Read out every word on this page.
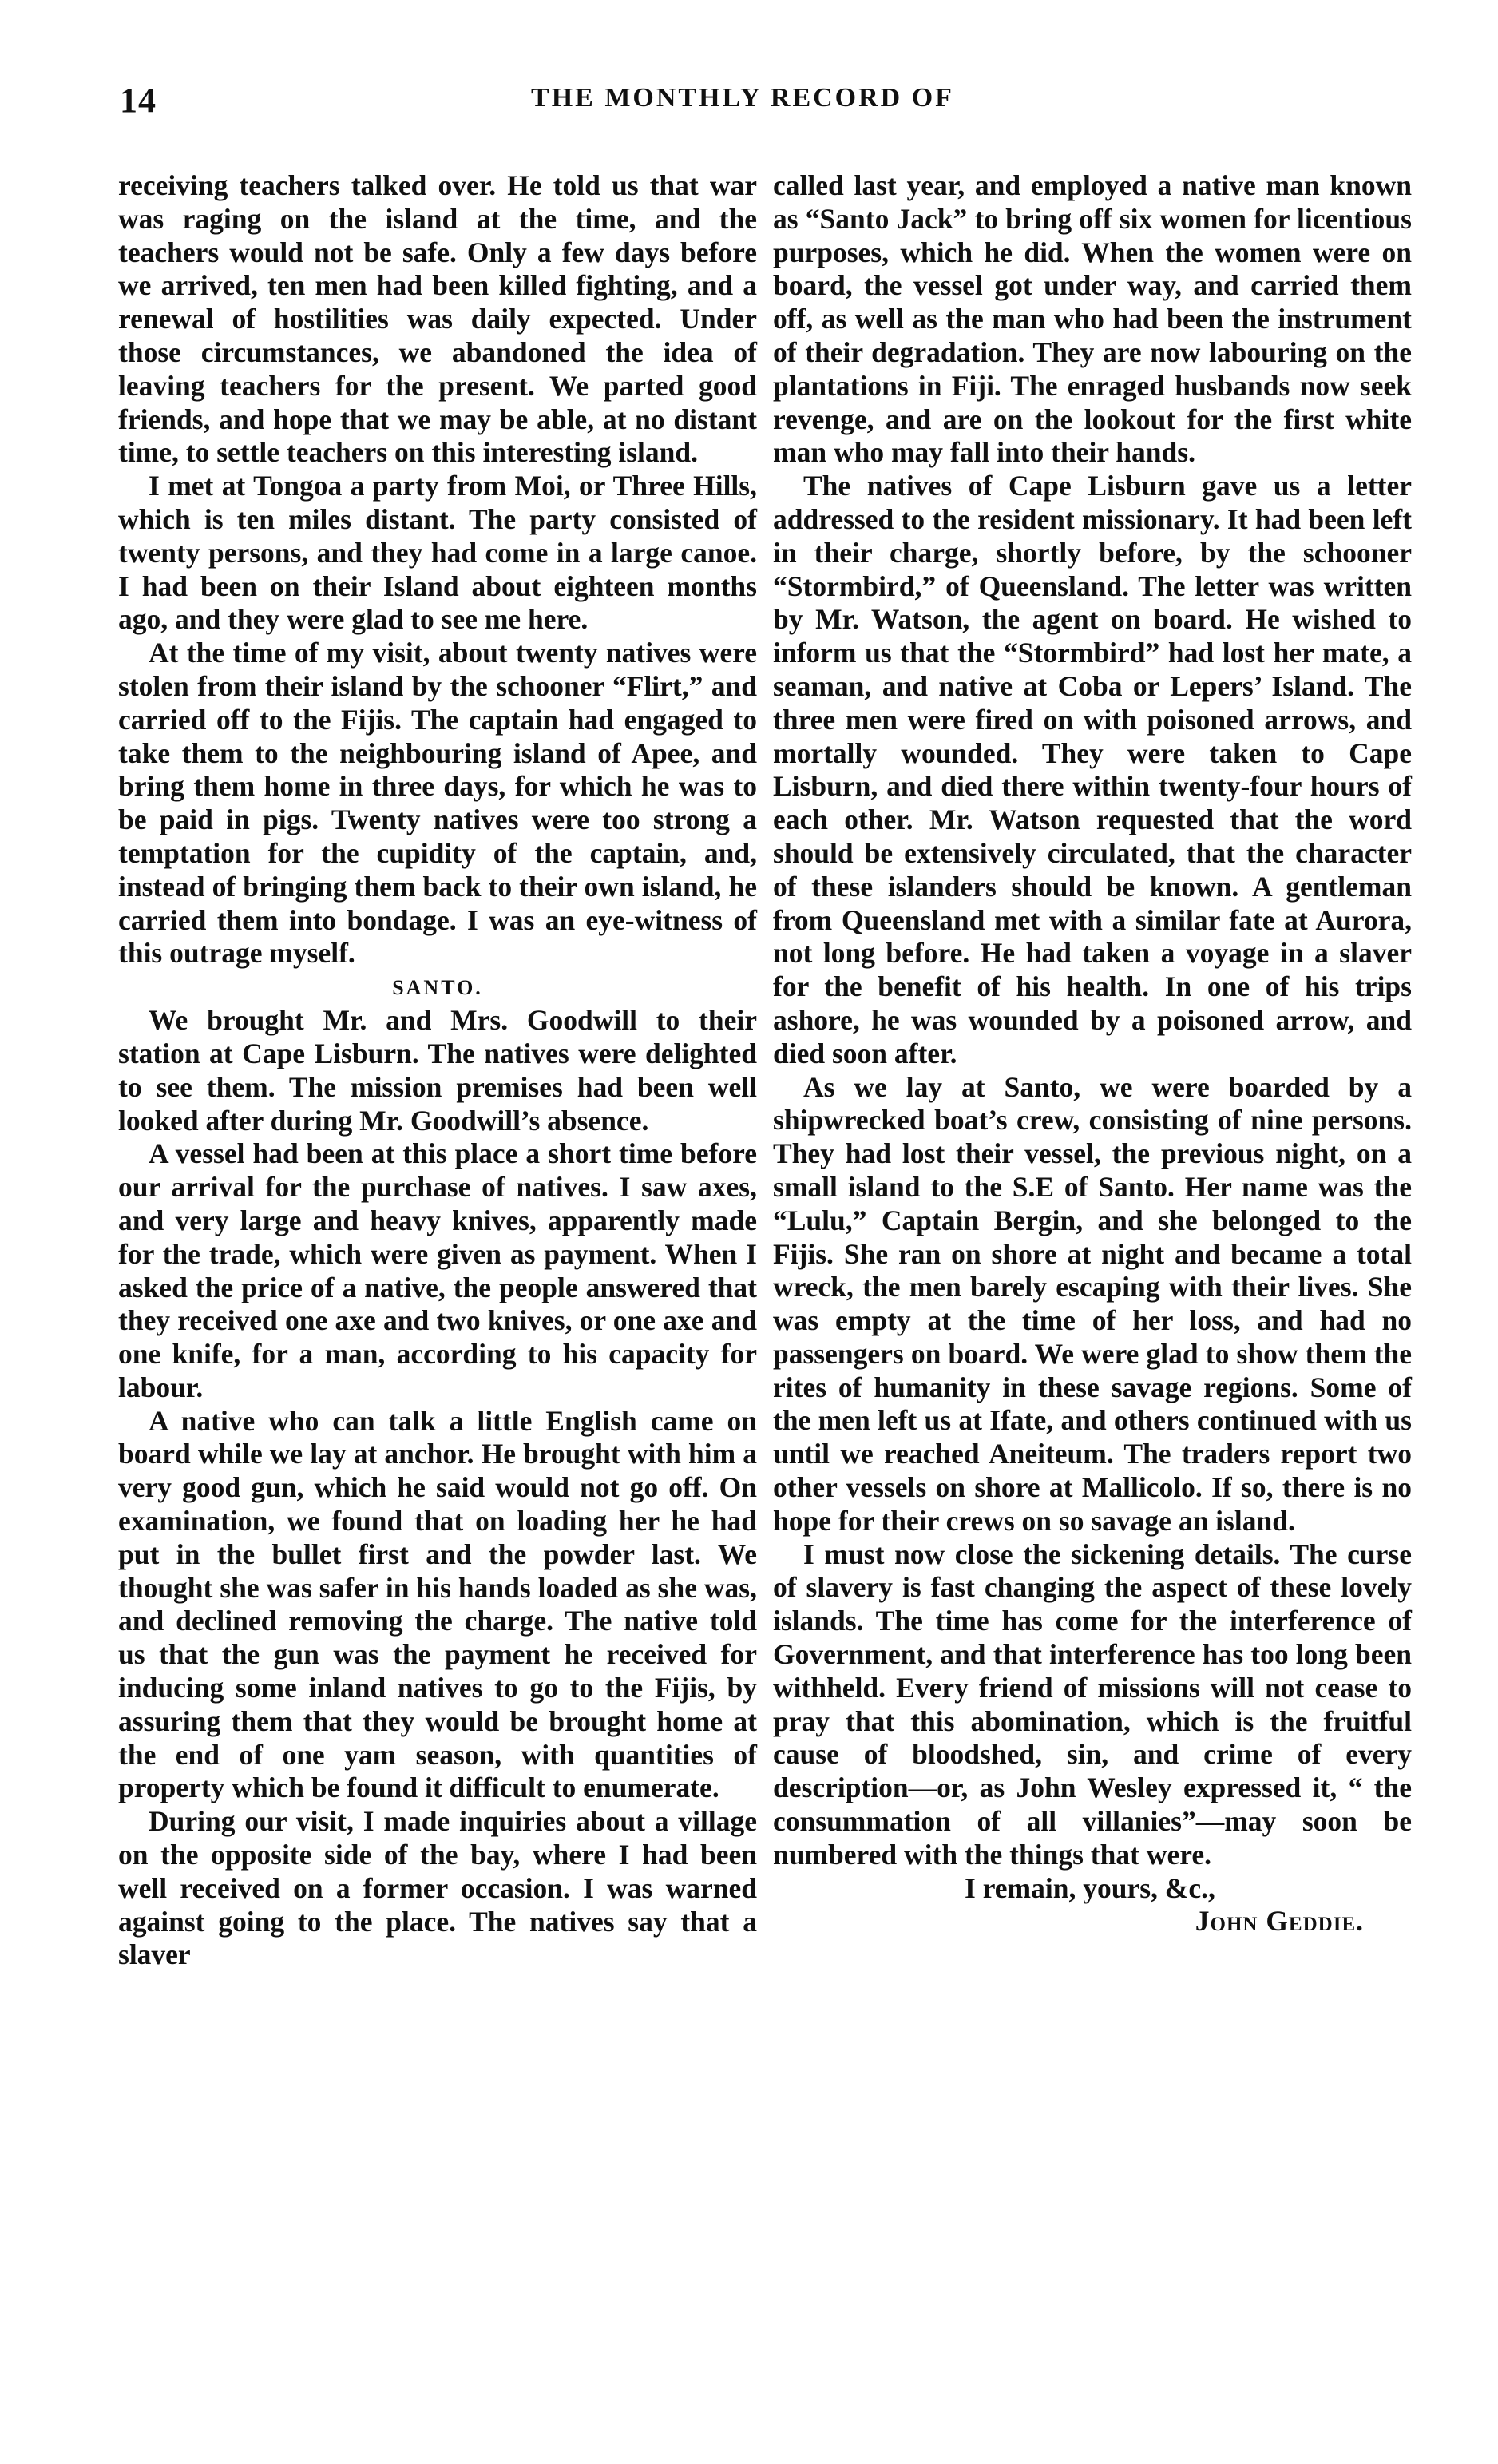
14	THE MONTHLY RECORD OF

receiving teachers talked over. He told us that war was raging on the island at the time, and the teachers would not be safe. Only a few days before we arrived, ten men had been killed fighting, and a renewal of hostilities was daily expected. Under those circumstances, we abandoned the idea of leaving teachers for the present. We parted good friends, and hope that we may be able, at no distant time, to settle teachers on this interesting island.

I met at Tongoa a party from Moi, or Three Hills, which is ten miles distant. The party consisted of twenty persons, and they had come in a large canoe. I had been on their Island about eighteen months ago, and they were glad to see me here.

At the time of my visit, about twenty natives were stolen from their island by the schooner “Flirt,” and carried off to the Fijis. The captain had engaged to take them to the neighbouring island of Apee, and bring them home in three days, for which he was to be paid in pigs. Twenty natives were too strong a temptation for the cupidity of the captain, and, instead of bringing them back to their own island, he carried them into bondage. I was an eye-witness of this outrage myself.

SANTO.

We brought Mr. and Mrs. Goodwill to their station at Cape Lisburn. The natives were delighted to see them. The mission premises had been well looked after during Mr. Goodwill’s absence.

A vessel had been at this place a short time before our arrival for the purchase of natives. I saw axes, and very large and heavy knives, apparently made for the trade, which were given as payment. When I asked the price of a native, the people answered that they received one axe and two knives, or one axe and one knife, for a man, according to his capacity for labour.

A native who can talk a little English came on board while we lay at anchor. He brought with him a very good gun, which he said would not go off. On examination, we found that on loading her he had put in the bullet first and the powder last. We thought she was safer in his hands loaded as she was, and declined removing the charge. The native told us that the gun was the payment he received for inducing some inland natives to go to the Fijis, by assuring them that they would be brought home at the end of one yam season, with quantities of property which be found it difficult to enumerate.

During our visit, I made inquiries about a village on the opposite side of the bay, where I had been well received on a former occasion. I was warned against going to the place. The natives say that a slaver

called last year, and employed a native man known as “Santo Jack” to bring off six women for licentious purposes, which he did. When the women were on board, the vessel got under way, and carried them off, as well as the man who had been the instrument of their degradation. They are now labouring on the plantations in Fiji. The enraged husbands now seek revenge, and are on the lookout for the first white man who may fall into their hands.

The natives of Cape Lisburn gave us a letter addressed to the resident missionary. It had been left in their charge, shortly before, by the schooner “Stormbird,” of Queensland. The letter was written by Mr. Watson, the agent on board. He wished to inform us that the “Stormbird” had lost her mate, a seaman, and native at Coba or Lepers’ Island. The three men were fired on with poisoned arrows, and mortally wounded. They were taken to Cape Lisburn, and died there within twenty-four hours of each other. Mr. Watson requested that the word should be extensively circulated, that the character of these islanders should be known. A gentleman from Queensland met with a similar fate at Aurora, not long before. He had taken a voyage in a slaver for the benefit of his health. In one of his trips ashore, he was wounded by a poisoned arrow, and died soon after.

As we lay at Santo, we were boarded by a shipwrecked boat’s crew, consisting of nine persons. They had lost their vessel, the previous night, on a small island to the S.E of Santo. Her name was the “Lulu,” Captain Bergin, and she belonged to the Fijis. She ran on shore at night and became a total wreck, the men barely escaping with their lives. She was empty at the time of her loss, and had no passengers on board. We were glad to show them the rites of humanity in these savage regions. Some of the men left us at Ifate, and others continued with us until we reached Aneiteum. The traders report two other vessels on shore at Mallicolo. If so, there is no hope for their crews on so savage an island.

I must now close the sickening details. The curse of slavery is fast changing the aspect of these lovely islands. The time has come for the interference of Government, and that interference has too long been withheld. Every friend of missions will not cease to pray that this abomination, which is the fruitful cause of bloodshed, sin, and crime of every description—or, as John Wesley expressed it, “ the consummation of all villanies”—may soon be numbered with the things that were.

I remain, yours, &c.,

John Geddie.
